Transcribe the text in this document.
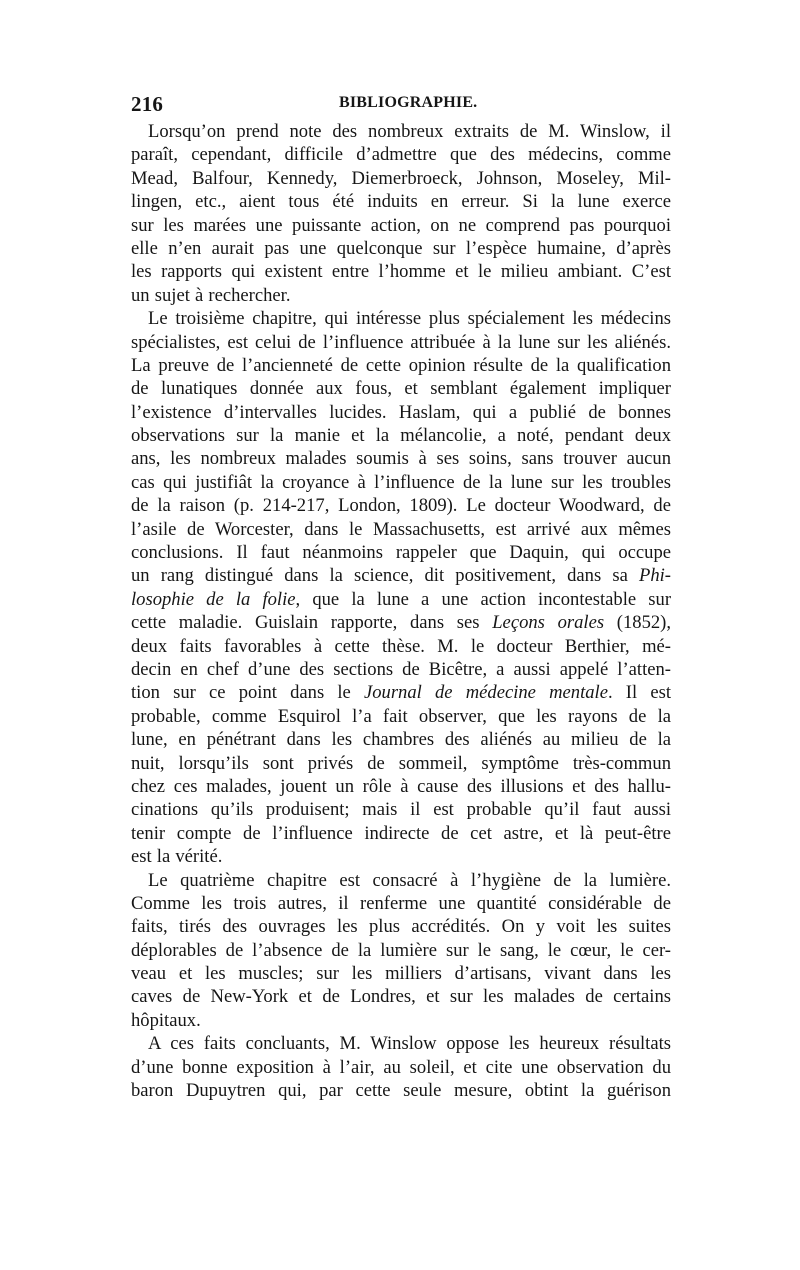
216	BIBLIOGRAPHIE.
Lorsqu’on prend note des nombreux extraits de M. Winslow, il
paraît, cependant, difficile d’admettre que des médecins, comme
Mead, Balfour, Kennedy, Diemerbroeck, Johnson, Moseley, Mil-
lingen, etc., aient tous été induits en erreur. Si la lune exerce
sur les marées une puissante action, on ne comprend pas pourquoi
elle n’en aurait pas une quelconque sur l’espèce humaine, d’après
les rapports qui existent entre l’homme et le milieu ambiant. C’est
un sujet à rechercher.
Le troisième chapitre, qui intéresse plus spécialement les médecins
spécialistes, est celui de l’influence attribuée à la lune sur les aliénés.
La preuve de l’ancienneté de cette opinion résulte de la qualification
de lunatiques donnée aux fous, et semblant également impliquer
l’existence d’intervalles lucides. Haslam, qui a publié de bonnes
observations sur la manie et la mélancolie, a noté, pendant deux
ans, les nombreux malades soumis à ses soins, sans trouver aucun
cas qui justifiât la croyance à l’influence de la lune sur les troubles
de la raison (p. 214-217, London, 1809). Le docteur Woodward, de
l’asile de Worcester, dans le Massachusetts, est arrivé aux mêmes
conclusions. Il faut néanmoins rappeler que Daquin, qui occupe
un rang distingué dans la science, dit positivement, dans sa Phi-
losophie de la folie, que la lune a une action incontestable sur
cette maladie. Guislain rapporte, dans ses Leçons orales (1852),
deux faits favorables à cette thèse. M. le docteur Berthier, mé-
decin en chef d’une des sections de Bicêtre, a aussi appelé l’atten-
tion sur ce point dans le Journal de médecine mentale. Il est
probable, comme Esquirol l’a fait observer, que les rayons de la
lune, en pénétrant dans les chambres des aliénés au milieu de la
nuit, lorsqu’ils sont privés de sommeil, symptôme très-commun
chez ces malades, jouent un rôle à cause des illusions et des hallu-
cinations qu’ils produisent; mais il est probable qu’il faut aussi
tenir compte de l’influence indirecte de cet astre, et là peut-être
est la vérité.
Le quatrième chapitre est consacré à l’hygiène de la lumière.
Comme les trois autres, il renferme une quantité considérable de
faits, tirés des ouvrages les plus accrédités. On y voit les suites
déplorables de l’absence de la lumière sur le sang, le cœur, le cer-
veau et les muscles; sur les milliers d’artisans, vivant dans les
caves de New-York et de Londres, et sur les malades de certains
hôpitaux.
A ces faits concluants, M. Winslow oppose les heureux résultats
d’une bonne exposition à l’air, au soleil, et cite une observation du
baron Dupuytren qui, par cette seule mesure, obtint la guérison
